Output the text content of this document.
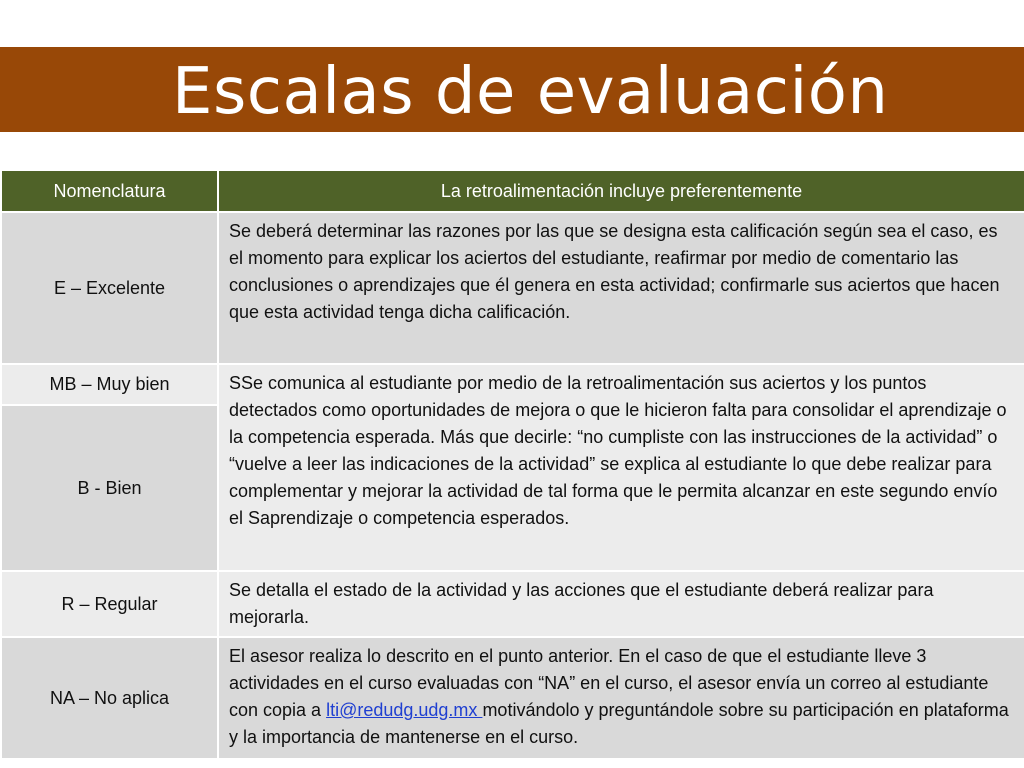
Escalas de evaluación
Nomenclatura	La retroalimentación incluye preferentemente
E – Excelente	Se deberá determinar las razones por las que se designa esta calificación según sea el caso, es el momento para explicar los aciertos del estudiante, reafirmar por medio de comentario las conclusiones o aprendizajes que él genera en esta actividad; confirmarle sus aciertos que hacen que esta actividad tenga dicha calificación.
MB – Muy bien	SSe comunica al estudiante por medio de la retroalimentación sus aciertos y los puntos detectados como oportunidades de mejora o que le hicieron falta para consolidar el aprendizaje o la competencia esperada. Más que decirle: “no cumpliste con las instrucciones de la actividad” o “vuelve a leer las indicaciones de la actividad” se explica al estudiante lo que debe realizar para complementar y mejorar la actividad de tal forma que le permita alcanzar en este segundo envío el Saprendizaje o competencia esperados.
B - Bien	
R – Regular	Se detalla el estado de la actividad y las acciones que el estudiante deberá realizar para mejorarla.
NA – No aplica	El asesor realiza lo descrito en el punto anterior. En el caso de que el estudiante lleve 3 actividades en el curso evaluadas con “NA” en el curso, el asesor envía un correo al estudiante con copia a lti@redudg.udg.mx motivándolo y preguntándole sobre su participación en plataforma y la importancia de mantenerse en el curso.
